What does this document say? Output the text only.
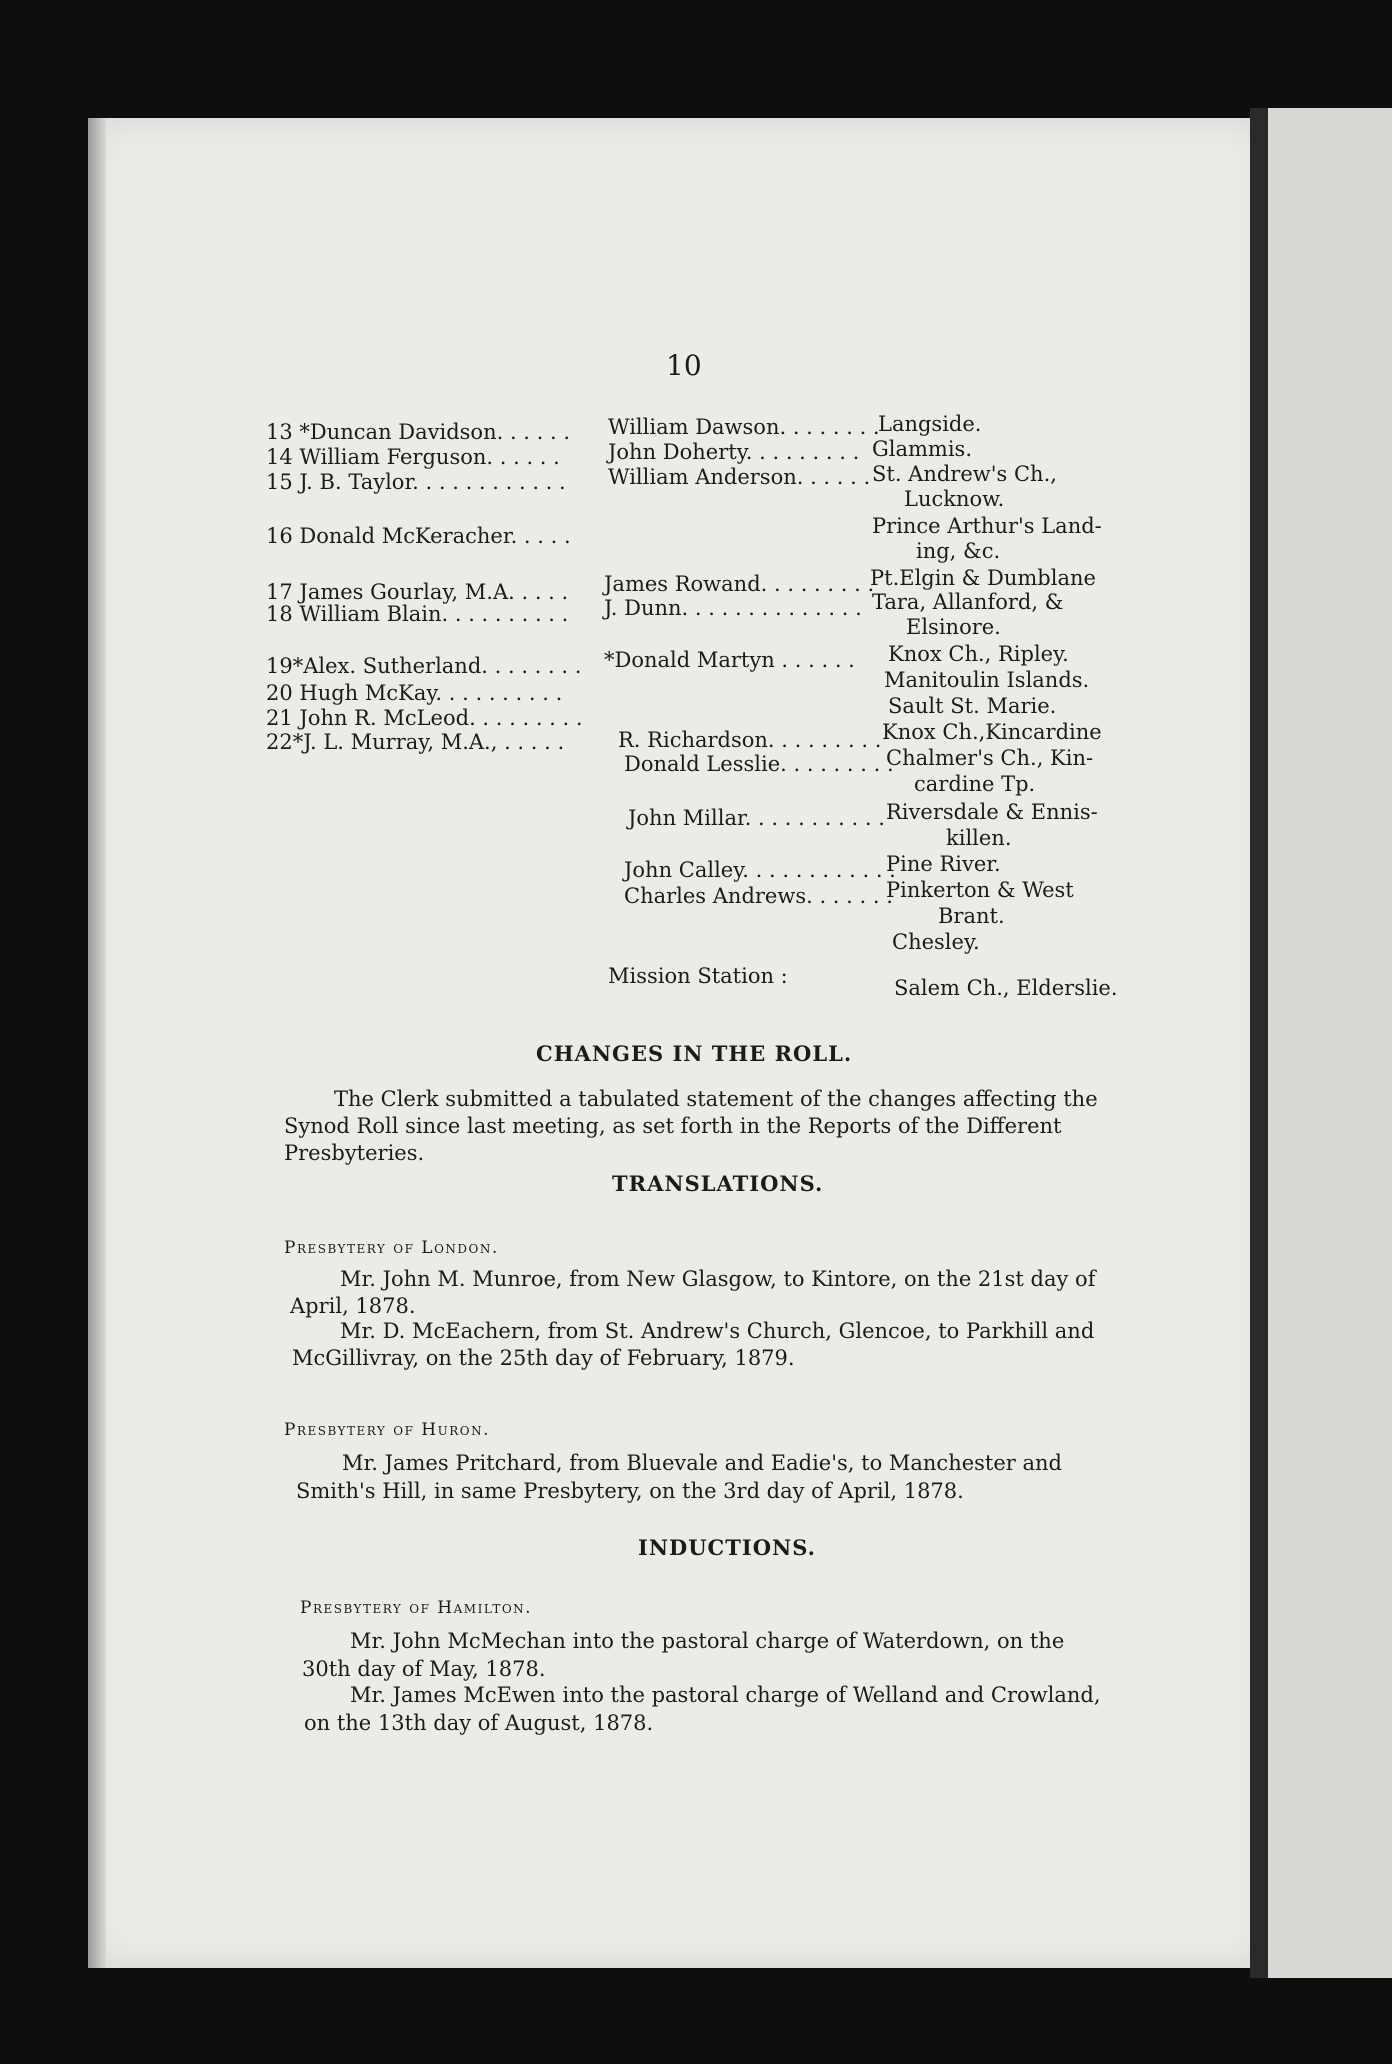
10
13 *Duncan Davidson. . . . . .
14 William Ferguson. . . . . .
15 J. B. Taylor. . . . . . . . . . . .
16 Donald McKeracher. . . . .
17 James Gourlay, M.A. . . . .
18 William Blain. . . . . . . . . .
19*Alex. Sutherland. . . . . . . .
20 Hugh McKay. . . . . . . . . .
21 John R. McLeod. . . . . . . . .
22*J. L. Murray, M.A., . . . . .
William Dawson. . . . . . . .
John Doherty. . . . . . . . .
William Anderson. . . . . .
James Rowand. . . . . . . . .
J. Dunn. . . . . . . . . . . . . .
*Donald Martyn . . . . . .
R. Richardson. . . . . . . . .
Donald Lesslie. . . . . . . . .
John Millar. . . . . . . . . . .
John Calley. . . . . . . . . . . .
Charles Andrews. . . . . . .
Mission Station :
Langside.
Glammis.
St. Andrew's Ch.,
Lucknow.
Prince Arthur's Land-
ing, &c.
Pt.Elgin & Dumblane
Tara, Allanford, &
Elsinore.
Knox Ch., Ripley.
Manitoulin Islands.
Sault St. Marie.
Knox Ch.,Kincardine
Chalmer's Ch., Kin-
cardine Tp.
Riversdale & Ennis-
killen.
Pine River.
Pinkerton & West
Brant.
Chesley.
Salem Ch., Elderslie.
CHANGES IN THE ROLL.
The Clerk submitted a tabulated statement of the changes affecting the
Synod Roll since last meeting, as set forth in the Reports of the Different
Presbyteries.
TRANSLATIONS.
Presbytery of London.
Mr. John M. Munroe, from New Glasgow, to Kintore, on the 21st day of
April, 1878.
Mr. D. McEachern, from St. Andrew's Church, Glencoe, to Parkhill and
McGillivray, on the 25th day of February, 1879.
Presbytery of Huron.
Mr. James Pritchard, from Bluevale and Eadie's, to Manchester and
Smith's Hill, in same Presbytery, on the 3rd day of April, 1878.
INDUCTIONS.
Presbytery of Hamilton.
Mr. John McMechan into the pastoral charge of Waterdown, on the
30th day of May, 1878.
Mr. James McEwen into the pastoral charge of Welland and Crowland,
on the 13th day of August, 1878.
